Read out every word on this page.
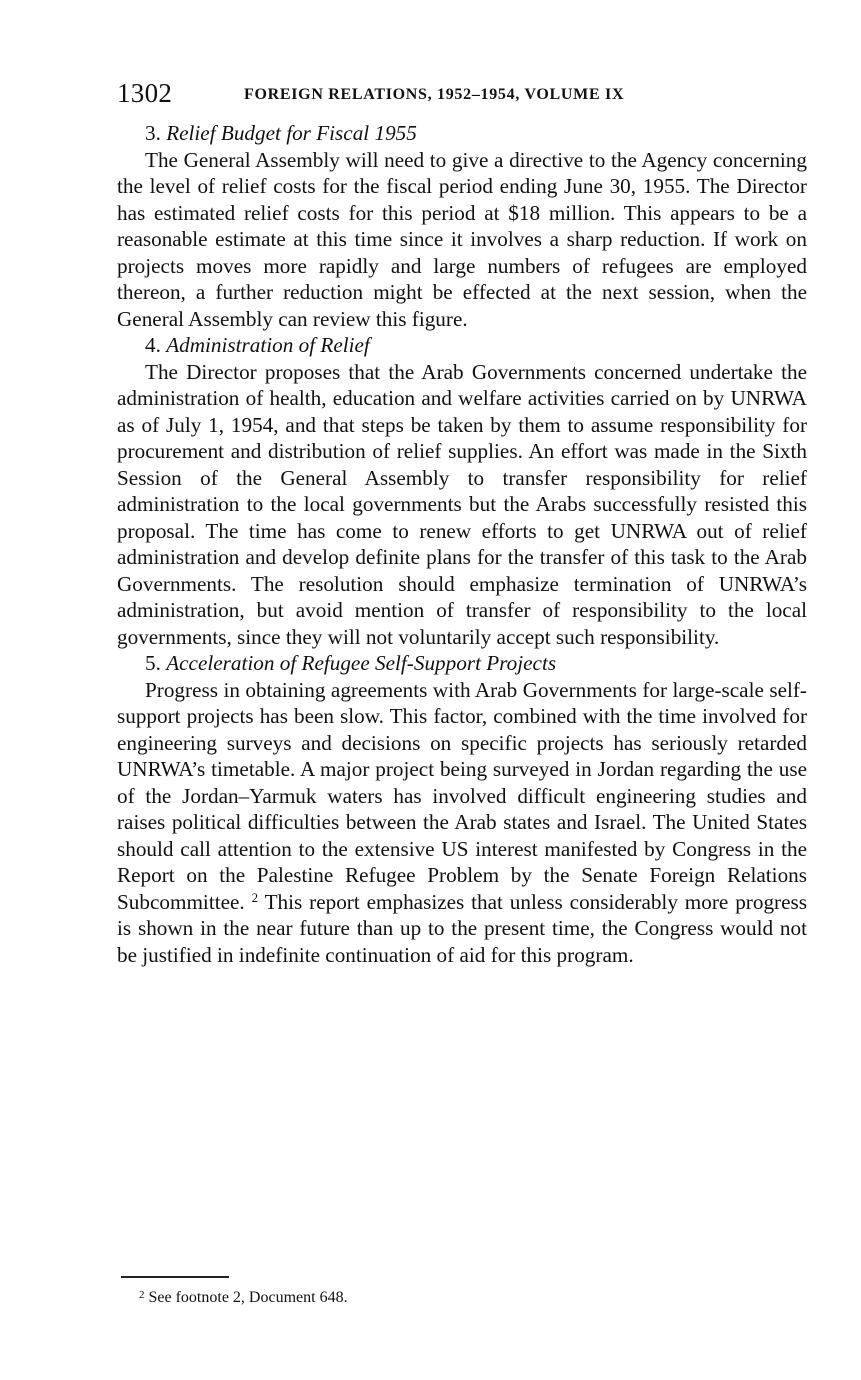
1302	FOREIGN RELATIONS, 1952–1954, VOLUME IX

3. Relief Budget for Fiscal 1955

The General Assembly will need to give a directive to the Agency concerning the level of relief costs for the fiscal period ending June 30, 1955. The Director has estimated relief costs for this period at $18 million. This appears to be a reasonable estimate at this time since it involves a sharp reduction. If work on projects moves more rapidly and large numbers of refugees are employed thereon, a further reduction might be effected at the next session, when the General Assembly can review this figure.

4. Administration of Relief

The Director proposes that the Arab Governments concerned undertake the administration of health, education and welfare activities carried on by UNRWA as of July 1, 1954, and that steps be taken by them to assume responsibility for procurement and distribution of relief supplies. An effort was made in the Sixth Session of the General Assembly to transfer responsibility for relief administration to the local governments but the Arabs successfully resisted this proposal. The time has come to renew efforts to get UNRWA out of relief administration and develop definite plans for the transfer of this task to the Arab Governments. The resolution should emphasize termination of UNRWA’s administration, but avoid mention of transfer of responsibility to the local governments, since they will not voluntarily accept such responsibility.

5. Acceleration of Refugee Self-Support Projects

Progress in obtaining agreements with Arab Governments for large-scale self-support projects has been slow. This factor, combined with the time involved for engineering surveys and decisions on specific projects has seriously retarded UNRWA’s timetable. A major project being surveyed in Jordan regarding the use of the Jordan–Yarmuk waters has involved difficult engineering studies and raises political difficulties between the Arab states and Israel. The United States should call attention to the extensive US interest manifested by Congress in the Report on the Palestine Refugee Problem by the Senate Foreign Relations Subcommittee. $^2$ This report emphasizes that unless considerably more progress is shown in the near future than up to the present time, the Congress would not be justified in indefinite continuation of aid for this program.

$^2$ See footnote 2, Document 648.
